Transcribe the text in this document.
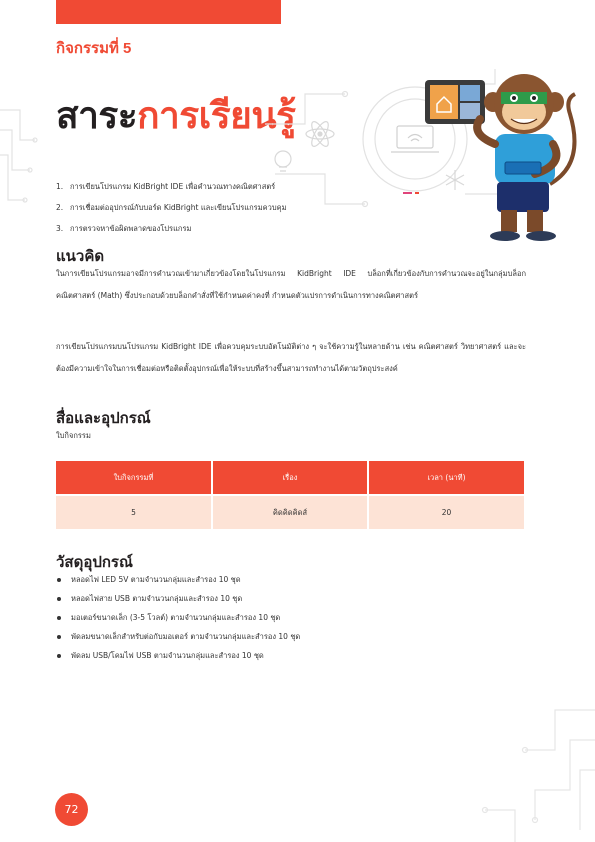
กิจกรรมที่ 5
สาระการเรียนรู้
1. การเขียนโปรแกรม KidBright IDE เพื่อคำนวณทางคณิตศาสตร์
2. การเชื่อมต่ออุปกรณ์กับบอร์ด KidBright และเขียนโปรแกรมควบคุม
3. การตรวจหาข้อผิดพลาดของโปรแกรม
แนวคิด

ในการเขียนโปรแกรมอาจมีการคำนวณเข้ามาเกี่ยวข้องโดยในโปรแกรม KidBright IDE บล็อกที่เกี่ยวข้องกับการคำนวณจะอยู่ในกลุ่มบล็อกคณิตศาสตร์ (Math) ซึ่งประกอบด้วยบล็อกคำสั่งที่ใช้กำหนดค่าคงที่ กำหนดตัวแปรการดำเนินการทางคณิตศาสตร์

การเขียนโปรแกรมบนโปรแกรม KidBright IDE เพื่อควบคุมระบบอัตโนมัติต่าง ๆ จะใช้ความรู้ในหลายด้าน เช่น คณิตศาสตร์ วิทยาศาสตร์ และจะต้องมีความเข้าใจในการเชื่อมต่อหรือติดตั้งอุปกรณ์เพื่อให้ระบบที่สร้างขึ้นสามารถทำงานได้ตามวัตถุประสงค์

สื่อและอุปกรณ์
ใบกิจกรรม
ใบกิจกรรมที่	เรื่อง	เวลา (นาที)
5	คิดคิดคิดส์	20
วัสดุอุปกรณ์
หลอดไฟ LED 5V ตามจำนวนกลุ่มและสำรอง 10 ชุด
หลอดไฟสาย USB ตามจำนวนกลุ่มและสำรอง 10 ชุด
มอเตอร์ขนาดเล็ก (3-5 โวลต์) ตามจำนวนกลุ่มและสำรอง 10 ชุด
พัดลมขนาดเล็กสำหรับต่อกับมอเตอร์ ตามจำนวนกลุ่มและสำรอง 10 ชุด
พัดลม USB/โคมไฟ USB ตามจำนวนกลุ่มและสำรอง 10 ชุด
72
